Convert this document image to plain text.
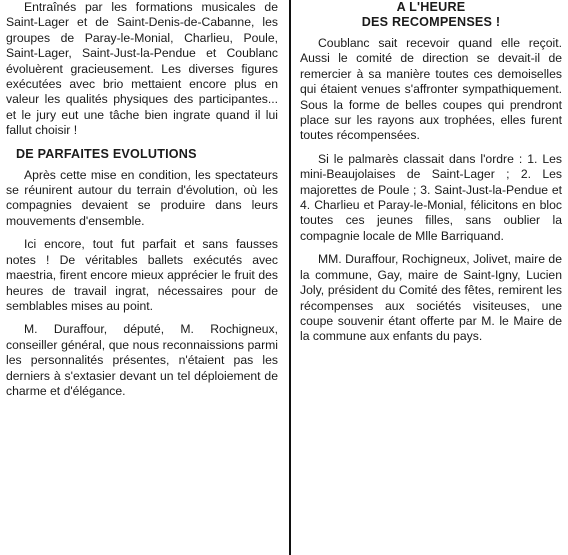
Entraînés par les formations musicales de Saint-Lager et de Saint-Denis-de-Cabanne, les groupes de Paray-le-Monial, Charlieu, Poule, Saint-Lager, Saint-Just-la-Pendue et Coublanc évoluèrent gracieusement. Les diverses figures exécutées avec brio mettaient encore plus en valeur les qualités physiques des participantes... et le jury eut une tâche bien ingrate quand il lui fallut choisir !

DE PARFAITES EVOLUTIONS

Après cette mise en condition, les spectateurs se réunirent autour du terrain d'évolution, où les compagnies devaient se produire dans leurs mouvements d'ensemble.

Ici encore, tout fut parfait et sans fausses notes ! De véritables ballets exécutés avec maestria, firent encore mieux apprécier le fruit des heures de travail ingrat, nécessaires pour de semblables mises au point.

M. Duraffour, député, M. Rochigneux, conseiller général, que nous reconnaissions parmi les personnalités présentes, n'étaient pas les derniers à s'extasier devant un tel déploiement de charme et d'élégance.

A L'HEURE
DES RECOMPENSES !

Coublanc sait recevoir quand elle reçoit. Aussi le comité de direction se devait-il de remercier à sa manière toutes ces demoiselles qui étaient venues s'affronter sympathiquement. Sous la forme de belles coupes qui prendront place sur les rayons aux trophées, elles furent toutes récompensées.

Si le palmarès classait dans l'ordre : 1. Les mini-Beaujolaises de Saint-Lager ; 2. Les majorettes de Poule ; 3. Saint-Just-la-Pendue et 4. Charlieu et Paray-le-Monial, félicitons en bloc toutes ces jeunes filles, sans oublier la compagnie locale de Mlle Barriquand.

MM. Duraffour, Rochigneux, Jolivet, maire de la commune, Gay, maire de Saint-Igny, Lucien Joly, président du Comité des fêtes, remirent les récompenses aux sociétés visiteuses, une coupe souvenir étant offerte par M. le Maire de la commune aux enfants du pays.
